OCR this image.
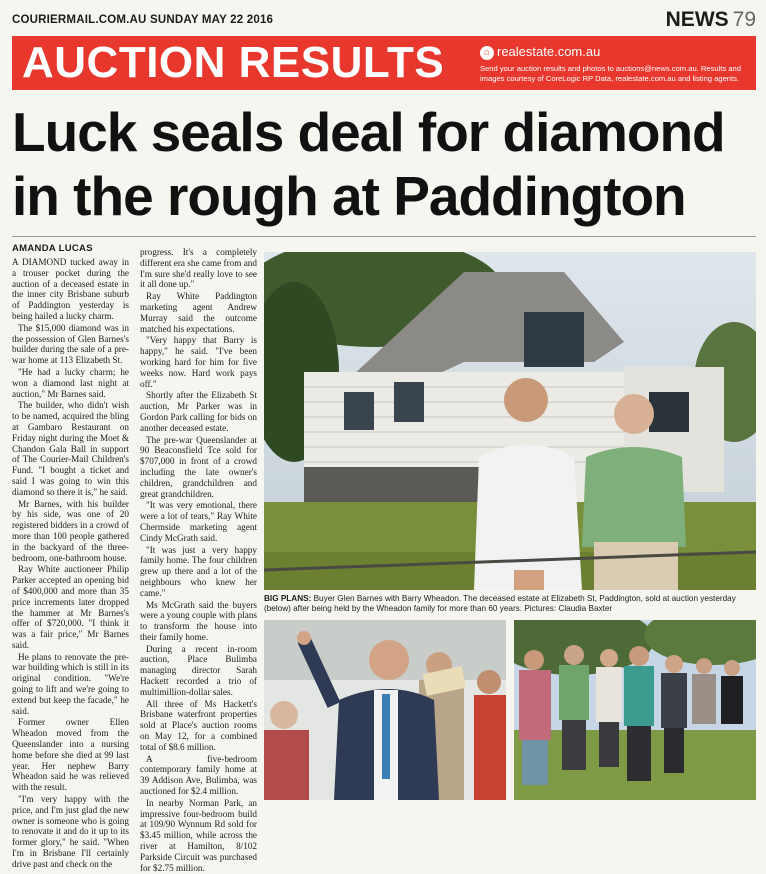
COURIERMAIL.COM.AU SUNDAY MAY 22 2016	NEWS 79
AUCTION RESULTS	⌂ realestate.com.au
Send your auction results and photos to auctions@news.com.au. Results and images courtesy of CoreLogic RP Data, realestate.com.au and listing agents.
Luck seals deal for diamond
in the rough at Paddington
AMANDA LUCAS

A DIAMOND tucked away in a trouser pocket during the auction of a deceased estate in the inner city Brisbane suburb of Paddington yesterday is being hailed a lucky charm.

The $15,000 diamond was in the possession of Glen Barnes's builder during the sale of a pre-war home at 113 Elizabeth St.

"He had a lucky charm; he won a diamond last night at auction," Mr Barnes said.

The builder, who didn't wish to be named, acquired the bling at Gambaro Restaurant on Friday night during the Moet & Chandon Gala Ball in support of The Courier-Mail Children's Fund. "I bought a ticket and said I was going to win this diamond so there it is," he said.

Mr Barnes, with his builder by his side, was one of 20 registered bidders in a crowd of more than 100 people gathered in the backyard of the three-bedroom, one-bathroom house.

Ray White auctioneer Philip Parker accepted an opening bid of $400,000 and more than 35 price increments later dropped the hammer at Mr Barnes's offer of $720,000. "I think it was a fair price," Mr Barnes said.

He plans to renovate the pre-war building which is still in its original condition. "We're going to lift and we're going to extend but keep the facade," he said.

Former owner Ellen Wheadon moved from the Queenslander into a nursing home before she died at 99 last year. Her nephew Barry Wheadon said he was relieved with the result.

"I'm very happy with the price, and I'm just glad the new owner is someone who is going to renovate it and do it up to its former glory," he said. "When I'm in Brisbane I'll certainly drive past and check on the

progress. It's a completely different era she came from and I'm sure she'd really love to see it all done up."

Ray White Paddington marketing agent Andrew Murray said the outcome matched his expectations.

"Very happy that Barry is happy," he said. "I've been working hard for him for five weeks now. Hard work pays off."

Shortly after the Elizabeth St auction, Mr Parker was in Gordon Park calling for bids on another deceased estate.

The pre-war Queenslander at 90 Beaconsfield Tce sold for $707,000 in front of a crowd including the late owner's children, grandchildren and great grandchildren.

"It was very emotional, there were a lot of tears," Ray White Chermside marketing agent Cindy McGrath said.

"It was just a very happy family home. The four children grew up there and a lot of the neighbours who knew her came."

Ms McGrath said the buyers were a young couple with plans to transform the house into their family home.

During a recent in-room auction, Place Bulimba managing director Sarah Hackett recorded a trio of multimillion-dollar sales.

All three of Ms Hackett's Brisbane waterfront properties sold at Place's auction rooms on May 12, for a combined total of $8.6 million.

A five-bedroom contemporary family home at 39 Addison Ave, Bulimba, was auctioned for $2.4 million.

In nearby Norman Park, an impressive four-bedroom build at 109/90 Wynnum Rd sold for $3.45 million, while across the river at Hamilton, 8/102 Parkside Circuit was purchased for $2.75 million.

BIG PLANS: Buyer Glen Barnes with Barry Wheadon. The deceased estate at Elizabeth St, Paddington, sold at auction yesterday (below) after being held by the Wheadon family for more than 60 years. Pictures: Claudia Baxter
